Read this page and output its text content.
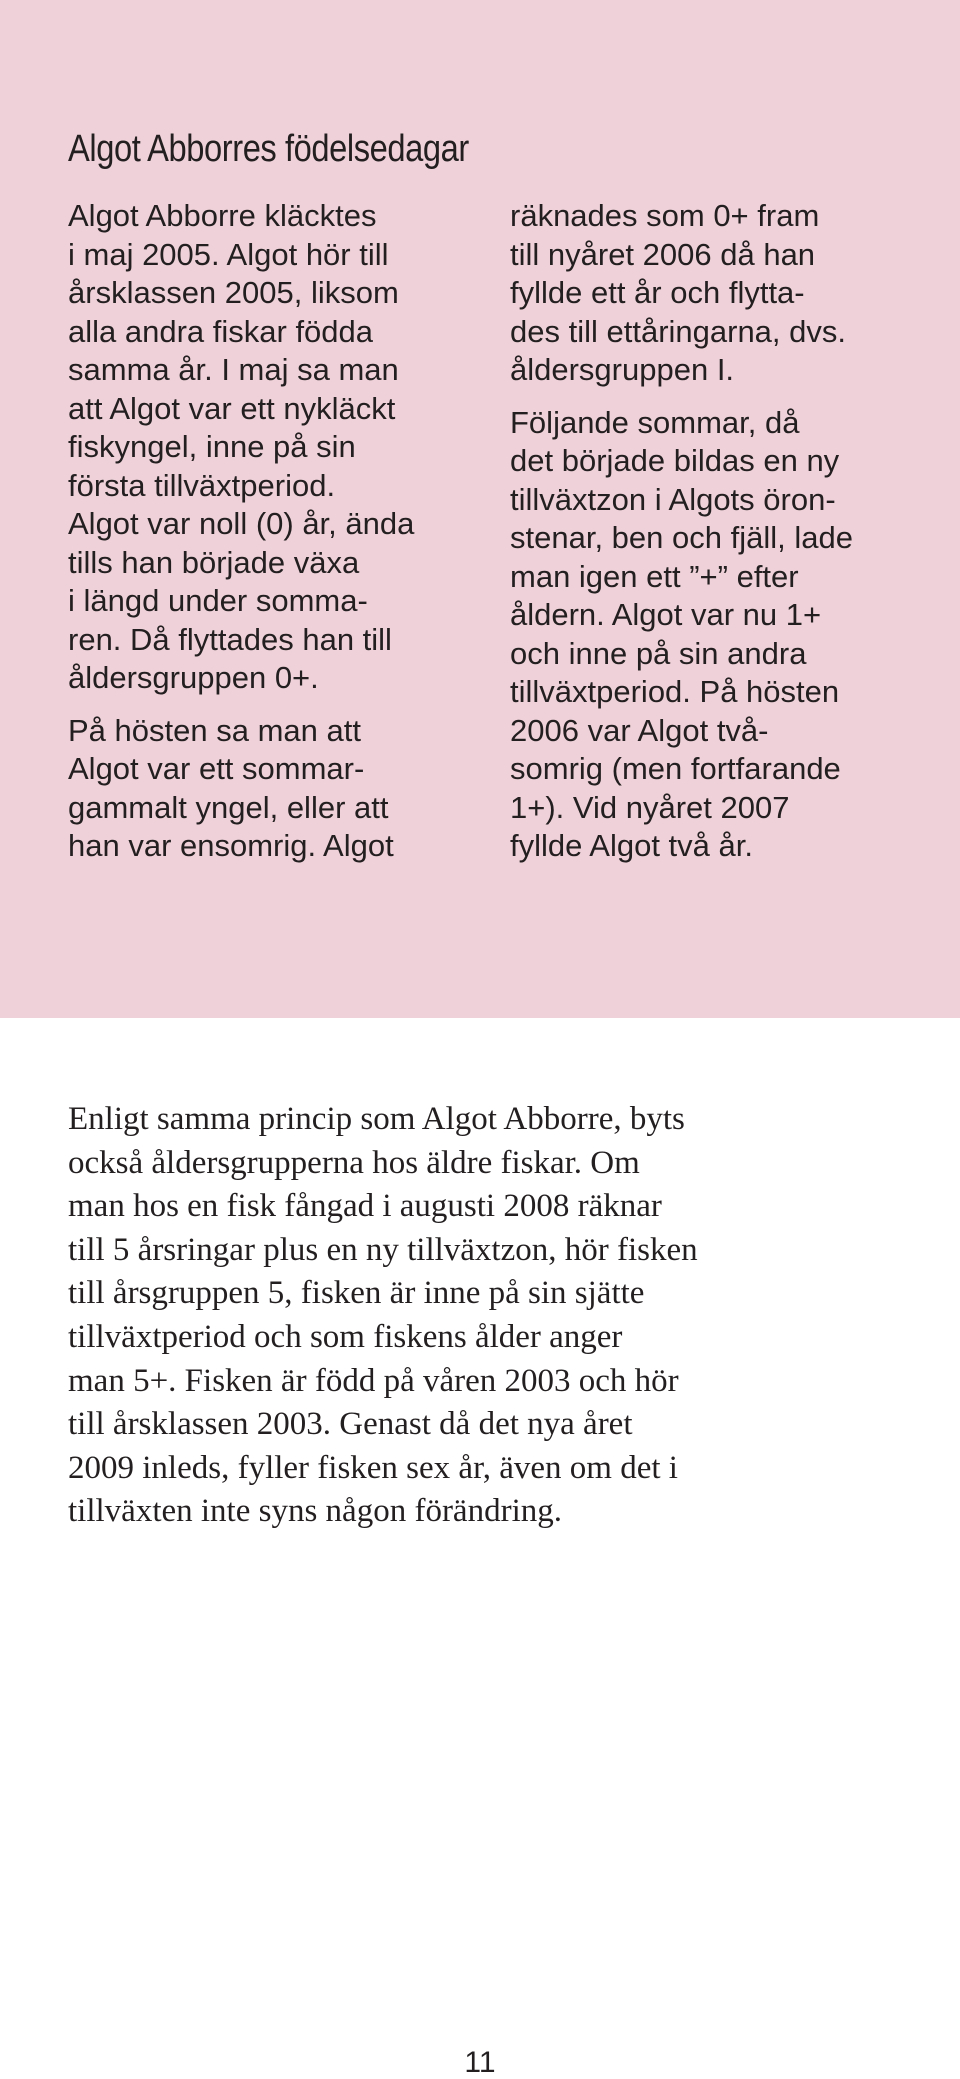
Algot Abborres födelsedagar

Algot Abborre kläcktes
i maj 2005. Algot hör till
årsklassen 2005, liksom
alla andra fiskar födda
samma år. I maj sa man
att Algot var ett nykläckt
fiskyngel, inne på sin
första tillväxtperiod.
Algot var noll (0) år, ända
tills han började växa
i längd under somma-
ren. Då flyttades han till
åldersgruppen 0+.

På hösten sa man att
Algot var ett sommar-
gammalt yngel, eller att
han var ensomrig. Algot

räknades som 0+ fram
till nyåret 2006 då han
fyllde ett år och flytta-
des till ettåringarna, dvs.
åldersgruppen I.

Följande sommar, då
det började bildas en ny
tillväxtzon i Algots öron-
stenar, ben och fjäll, lade
man igen ett ”+” efter
åldern. Algot var nu 1+
och inne på sin andra
tillväxtperiod. På hösten
2006 var Algot två-
somrig (men fortfarande
1+). Vid nyåret 2007
fyllde Algot två år.

Enligt samma princip som Algot Abborre, byts
också åldersgrupperna hos äldre fiskar. Om
man hos en fisk fångad i augusti 2008 räknar
till 5 årsringar plus en ny tillväxtzon, hör fisken
till årsgruppen 5, fisken är inne på sin sjätte
tillväxtperiod och som fiskens ålder anger
man 5+. Fisken är född på våren 2003 och hör
till årsklassen 2003. Genast då det nya året
2009 inleds, fyller fisken sex år, även om det i
tillväxten inte syns någon förändring.
11
